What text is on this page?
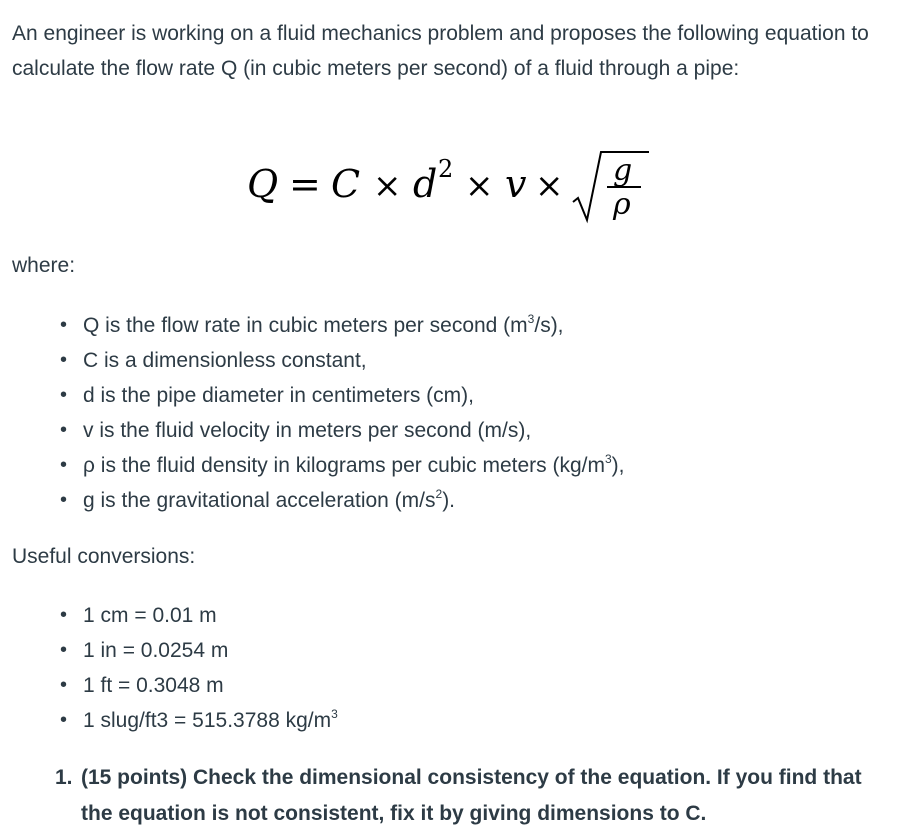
An engineer is working on a fluid mechanics problem and proposes the following equation to calculate the flow rate Q (in cubic meters per second) of a fluid through a pipe:

Q = C × d 2 × v × g
ρ

where:

• Q is the flow rate in cubic meters per second $(m^3/s)$,
• C is a dimensionless constant,
• d is the pipe diameter in centimeters (cm),
• v is the fluid velocity in meters per second (m/s),
• ρ is the fluid density in kilograms per cubic meters $(kg/m^3)$,
• g is the gravitational acceleration $(m/s^2)$.

Useful conversions:

• 1 cm = 0.01 m
• 1 in = 0.0254 m
• 1 ft = 0.3048 m
• 1 slug/ft3 = 515.3788 $kg/m^3$
1. (15 points) Check the dimensional consistency of the equation. If you find that the equation is not consistent, fix it by giving dimensions to C.
